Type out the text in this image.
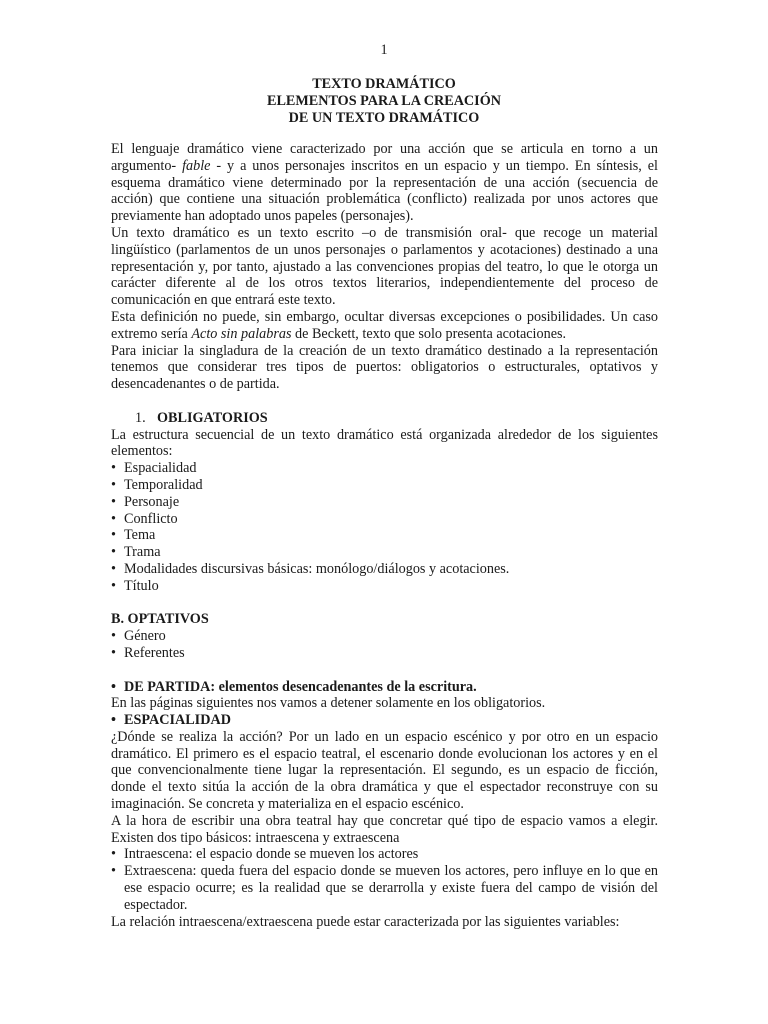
1
TEXTO DRAMÁTICO
ELEMENTOS PARA LA CREACIÓN
DE UN TEXTO DRAMÁTICO

El lenguaje dramático viene caracterizado por una acción que se articula en torno a un argumento- fable - y a unos personajes inscritos en un espacio y un tiempo. En síntesis, el esquema dramático viene determinado por la representación de una acción (secuencia de acción) que contiene una situación problemática (conflicto) realizada por unos actores que previamente han adoptado unos papeles (personajes).

Un texto dramático es un texto escrito –o de transmisión oral- que recoge un material lingüístico (parlamentos de un unos personajes o parlamentos y acotaciones) destinado a una representación y, por tanto, ajustado a las convenciones propias del teatro, lo que le otorga un carácter diferente al de los otros textos literarios, independientemente del proceso de comunicación en que entrará este texto.

Esta definición no puede, sin embargo, ocultar diversas excepciones o posibilidades. Un caso extremo sería Acto sin palabras de Beckett, texto que solo presenta acotaciones.

Para iniciar la singladura de la creación de un texto dramático destinado a la representación tenemos que considerar tres tipos de puertos: obligatorios o estructurales, optativos y desencadenantes o de partida.

1. OBLIGATORIOS

La estructura secuencial de un texto dramático está organizada alrededor de los siguientes elementos:

• Espacialidad
• Temporalidad
• Personaje
• Conflicto
• Tema
• Trama
• Modalidades discursivas básicas: monólogo/diálogos y acotaciones.
• Título
B. OPTATIVOS
• Género
• Referentes
• DE PARTIDA: elementos desencadenantes de la escritura.

En las páginas siguientes nos vamos a detener solamente en los obligatorios.

• ESPACIALIDAD

¿Dónde se realiza la acción? Por un lado en un espacio escénico y por otro en un espacio dramático. El primero es el espacio teatral, el escenario donde evolucionan los actores y en el que convencionalmente tiene lugar la representación. El segundo, es un espacio de ficción, donde el texto sitúa la acción de la obra dramática y que el espectador reconstruye con su imaginación. Se concreta y materializa en el espacio escénico.

A la hora de escribir una obra teatral hay que concretar qué tipo de espacio vamos a elegir. Existen dos tipo básicos: intraescena y extraescena

• Intraescena: el espacio donde se mueven los actores
• Extraescena: queda fuera del espacio donde se mueven los actores, pero influye en lo que en ese espacio ocurre; es la realidad que se derarrolla y existe fuera del campo de visión del espectador.

La relación intraescena/extraescena puede estar caracterizada por las siguientes variables:
